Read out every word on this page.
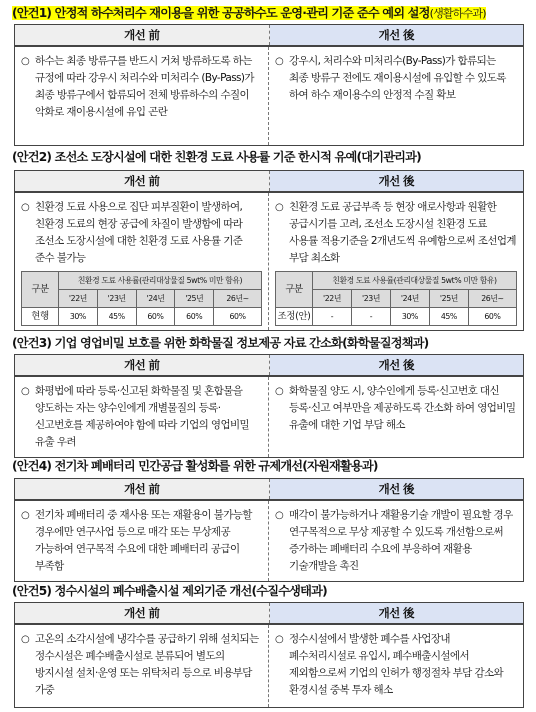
(안건1) 안정적 하수처리수 재이용을 위한 공공하수도 운영·관리 기준 준수 예외 설정(생활하수과)
개선 前	개선 後
○ 하수는 최종 방류구를 반드시 거쳐 방류하도록 하는 규정에 따라 강우시 처리수와 미처리수 (By-Pass)가 최종 방류구에서 합류되어 전체 방류하수의 수질이 악화로 재이용시설에 유입 곤란
○ 강우시, 처리수와 미처리수(By-Pass)가 합류되는 최종 방류구 전에도 재이용시설에 유입할 수 있도록 하여 하수 재이용수의 안정적 수질 확보
(안건2) 조선소 도장시설에 대한 친환경 도료 사용률 기준 한시적 유예(대기관리과)
개선 前	개선 後
○ 친환경 도료 사용으로 집단 피부질환이 발생하여, 친환경 도료의 현장 공급에 차질이 발생함에 따라 조선소 도장시설에 대한 친환경 도료 사용률 기준 준수 불가능
구분	친환경 도료 사용률(관리대상물질 5wt% 미만 함유)				
	'22년	'23년	'24년	'25년	26년~
현행	30%	45%	60%	60%	60%
○ 친환경 도료 공급부족 등 현장 애로사항과 원활한 공급시기를 고려, 조선소 도장시설 친환경 도료 사용률 적용기준을 2개년도씩 유예함으로써 조선업계 부담 최소화
구분	친환경 도료 사용률(관리대상물질 5wt% 미만 함유)				
	'22년	'23년	'24년	'25년	26년~
조정(안)	-	-	30%	45%	60%
(안건3) 기업 영업비밀 보호를 위한 화학물질 정보제공 자료 간소화(화학물질정책과)
개선 前	개선 後
○ 화평법에 따라 등록·신고된 화학물질 및 혼합물을 양도하는 자는 양수인에게 개별물질의 등록·신고번호를 제공하여야 함에 따라 기업의 영업비밀 유출 우려
○ 화학물질 양도 시, 양수인에게 등록·신고번호 대신 등록·신고 여부만을 제공하도록 간소화 하여 영업비밀 유출에 대한 기업 부담 해소
(안건4) 전기차 폐배터리 민간공급 활성화를 위한 규제개선(자원재활용과)
개선 前	개선 後
○ 전기차 폐배터리 중 재사용 또는 재활용이 불가능할 경우에만 연구사업 등으로 매각 또는 무상제공 가능하여 연구목적 수요에 대한 폐배터리 공급이 부족함
○ 매각이 불가능하거나 재활용기술 개발이 필요할 경우 연구목적으로 무상 제공할 수 있도록 개선함으로써 증가하는 폐배터리 수요에 부응하여 재활용 기술개발을 촉진
(안건5) 정수시설의 폐수배출시설 제외기준 개선(수질수생태과)
개선 前	개선 後
○ 고온의 소각시설에 냉각수를 공급하기 위해 설치되는 정수시설은 폐수배출시설로 분류되어 별도의 방지시설 설치·운영 또는 위탁처리 등으로 비용부담 가중
○ 정수시설에서 발생한 폐수를 사업장내 폐수처리시설로 유입시, 폐수배출시설에서 제외함으로써 기업의 인허가 행정절차 부담 감소와 환경시설 중복 투자 해소
